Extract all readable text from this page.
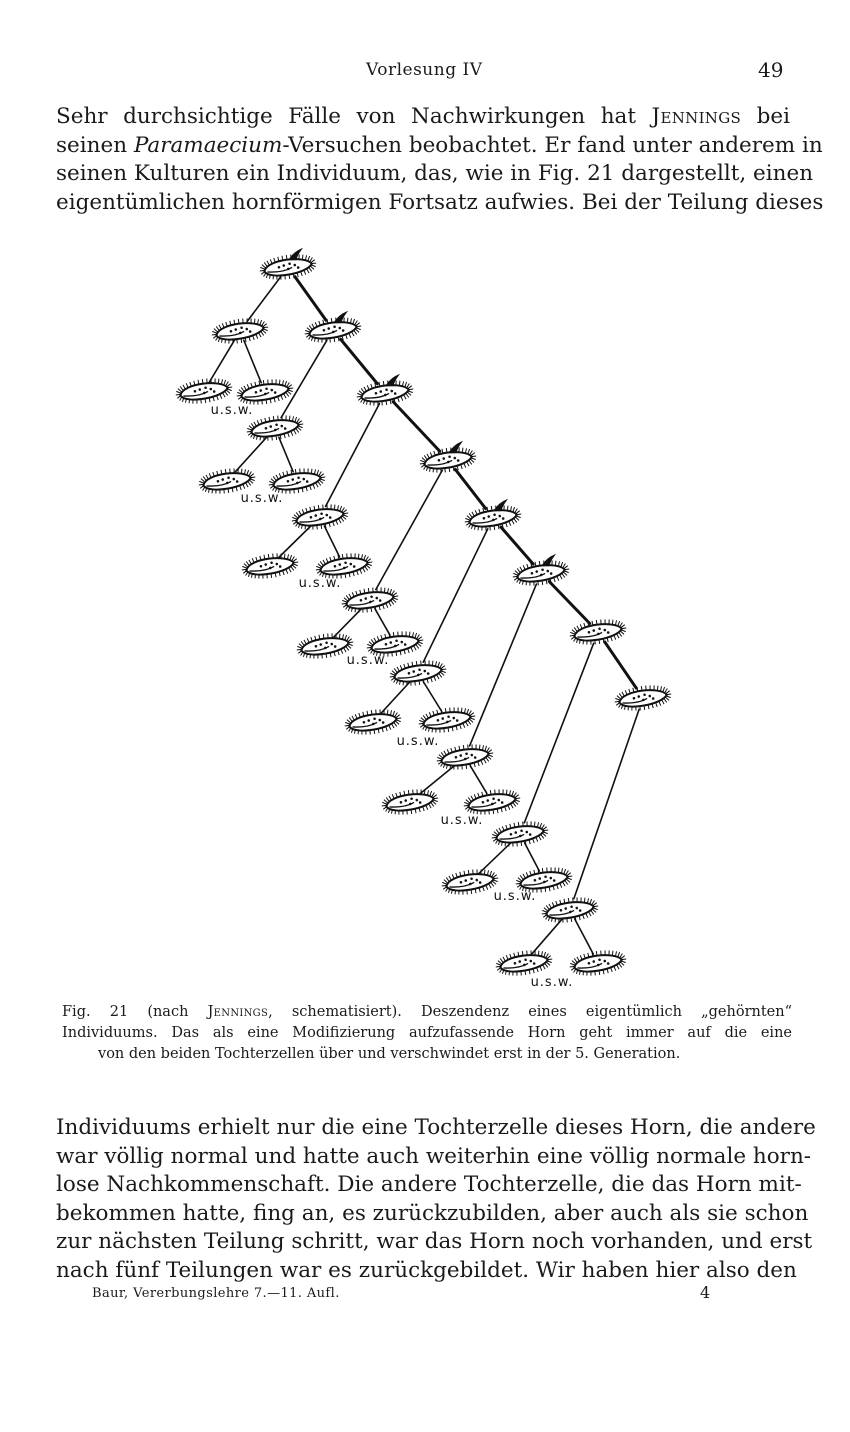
Vorlesung IV	49
Sehr durchsichtige Fälle von Nachwirkungen hat Jennings bei
seinen Paramaecium-Versuchen beobachtet. Er fand unter anderem in
seinen Kulturen ein Individuum, das, wie in Fig. 21 dargestellt, einen
eigentümlichen hornförmigen Fortsatz aufwies. Bei der Teilung dieses
u.s.w.
u.s.w.
u.s.w.
u.s.w.
u.s.w.
u.s.w.
u.s.w.
u.s.w.
Fig. 21 (nach Jennings, schematisiert). Deszendenz eines eigentümlich „gehörnten“
Individuums. Das als eine Modifizierung aufzufassende Horn geht immer auf die eine
von den beiden Tochterzellen über und verschwindet erst in der 5. Generation.
Individuums erhielt nur die eine Tochterzelle dieses Horn, die andere
war völlig normal und hatte auch weiterhin eine völlig normale horn-
lose Nachkommenschaft. Die andere Tochterzelle, die das Horn mit-
bekommen hatte, fing an, es zurückzubilden, aber auch als sie schon
zur nächsten Teilung schritt, war das Horn noch vorhanden, und erst
nach fünf Teilungen war es zurückgebildet. Wir haben hier also den
Baur, Vererbungslehre 7.—11. Aufl.	4
